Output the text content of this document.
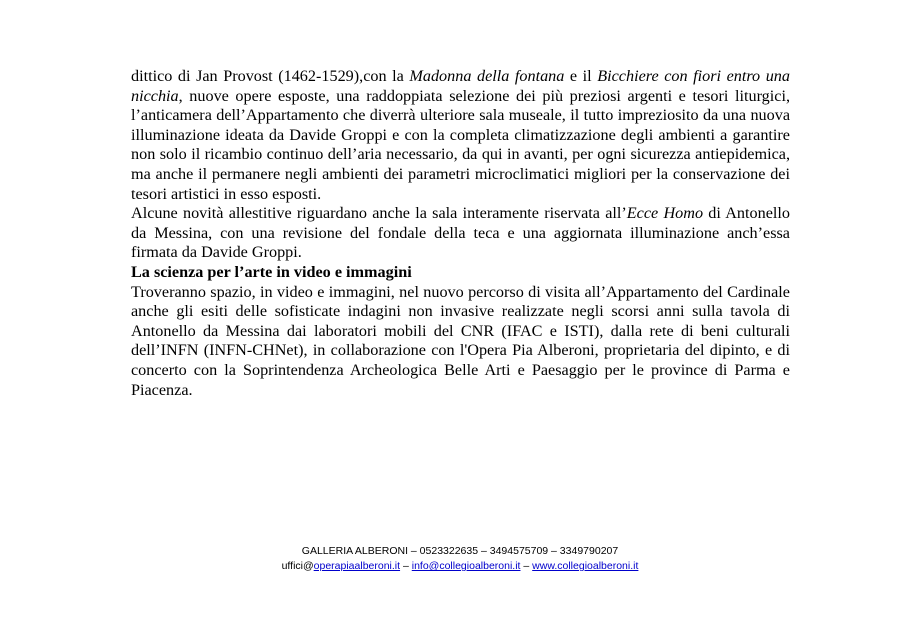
dittico di Jan Provost (1462-1529),con la Madonna della fontana e il Bicchiere con fiori entro una nicchia, nuove opere esposte, una raddoppiata selezione dei più preziosi argenti e tesori liturgici, l’anticamera dell’Appartamento che diverrà ulteriore sala museale, il tutto impreziosito da una nuova illuminazione ideata da Davide Groppi e con la completa climatizzazione degli ambienti a garantire non solo il ricambio continuo dell’aria necessario, da qui in avanti, per ogni sicurezza antiepidemica, ma anche il permanere negli ambienti dei parametri microclimatici migliori per la conservazione dei tesori artistici in esso esposti.

Alcune novità allestitive riguardano anche la sala interamente riservata all’Ecce Homo di Antonello da Messina, con una revisione del fondale della teca e una aggiornata illuminazione anch’essa firmata da Davide Groppi.

La scienza per l’arte in video e immagini

Troveranno spazio, in video e immagini, nel nuovo percorso di visita all’Appartamento del Cardinale anche gli esiti delle sofisticate indagini non invasive realizzate negli scorsi anni sulla tavola di Antonello da Messina dai laboratori mobili del CNR (IFAC e ISTI), dalla rete di beni culturali dell’INFN (INFN-CHNet), in collaborazione con l'Opera Pia Alberoni, proprietaria del dipinto, e di concerto con la Soprintendenza Archeologica Belle Arti e Paesaggio per le province di Parma e Piacenza.

GALLERIA ALBERONI – 0523322635 – 3494575709 – 3349790207
uffici@operapiaalberoni.it – info@collegioalberoni.it – www.collegioalberoni.it
